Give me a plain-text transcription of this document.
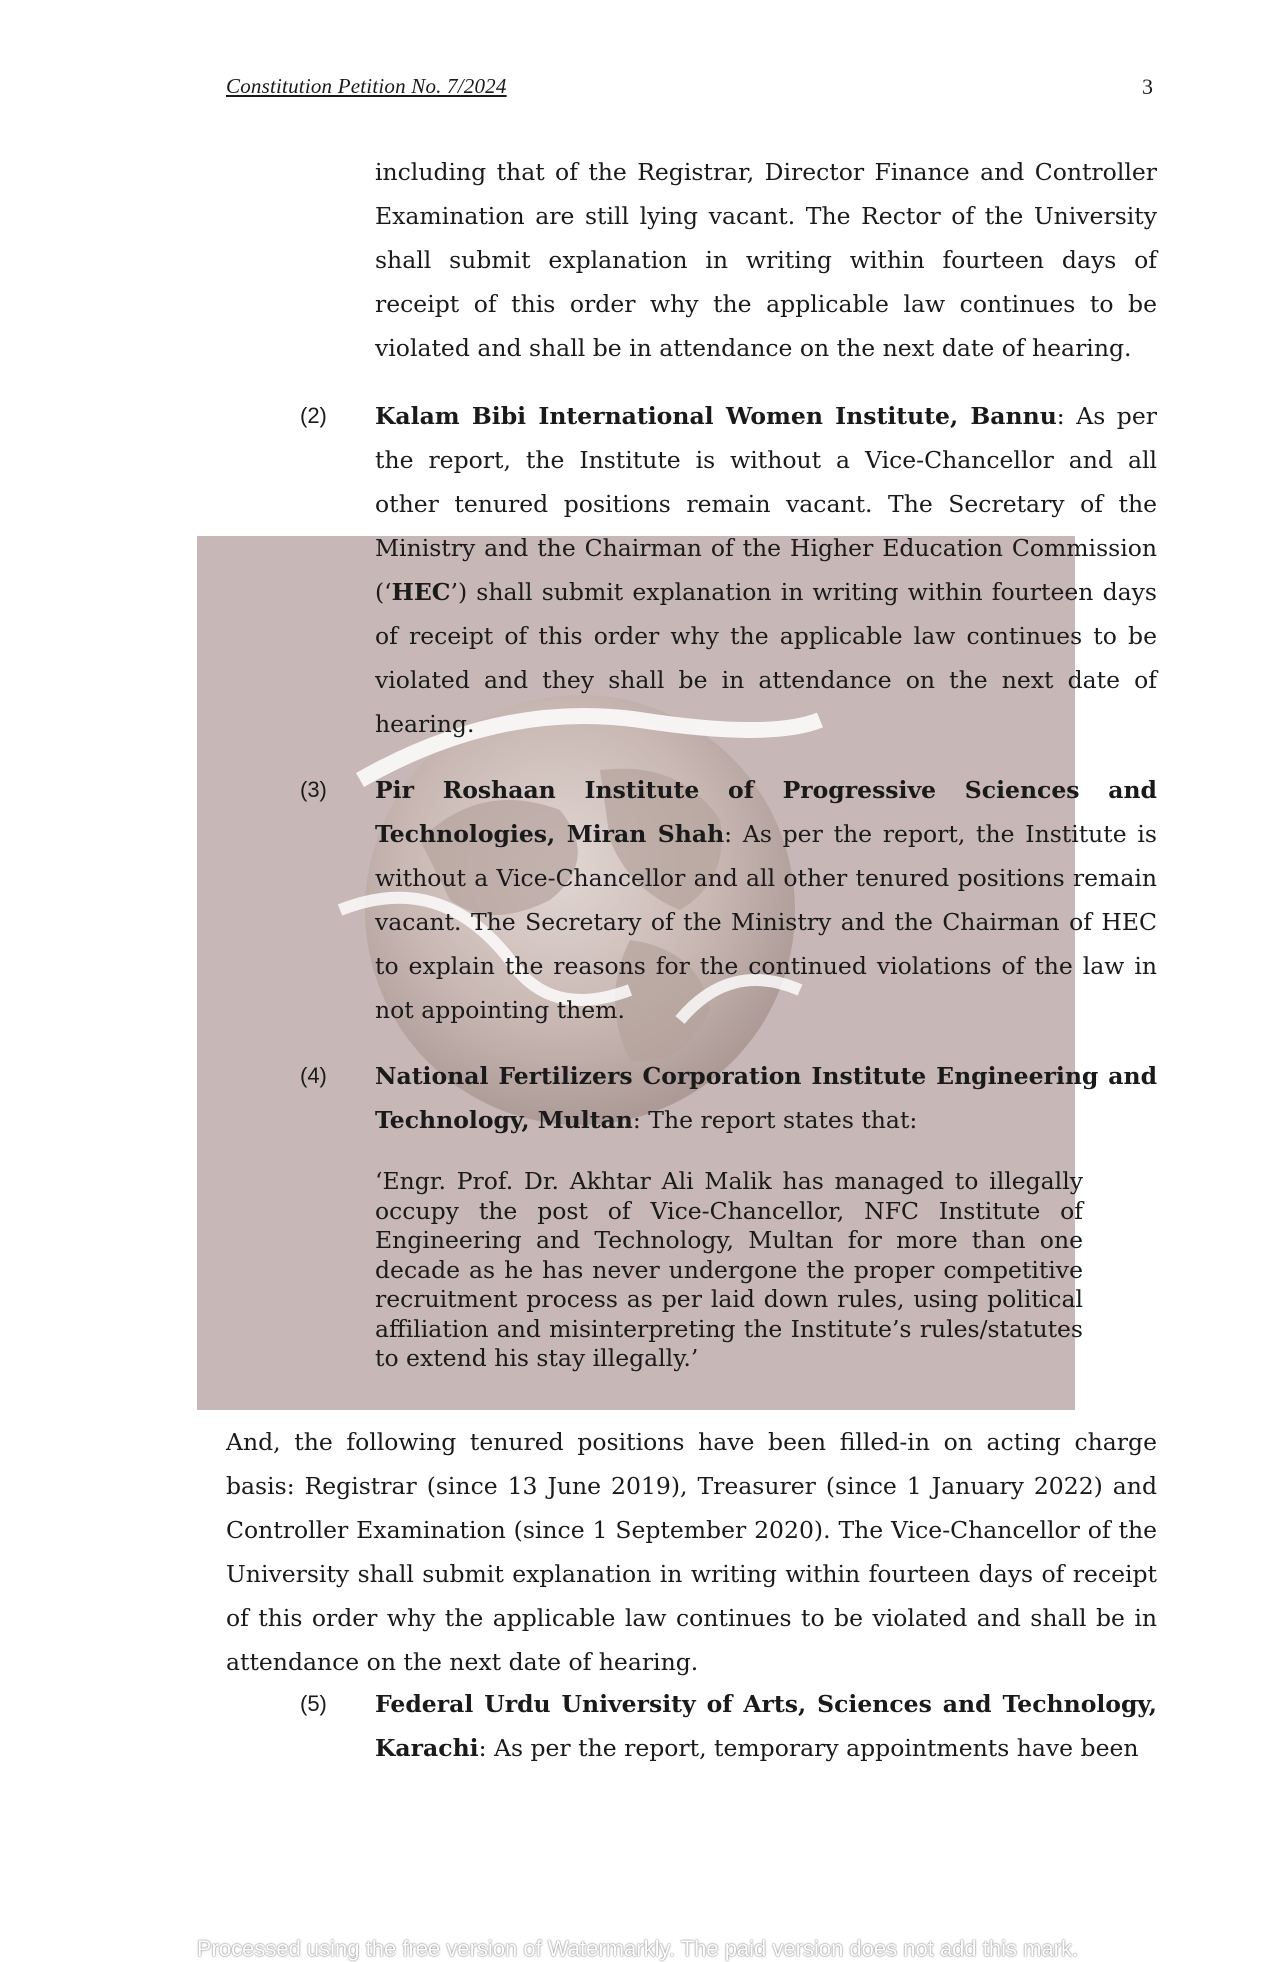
Constitution Petition No. 7/2024	3

including that of the Registrar, Director Finance and Controller Examination are still lying vacant. The Rector of the University shall submit explanation in writing within fourteen days of receipt of this order why the applicable law continues to be violated and shall be in attendance on the next date of hearing.

(2) Kalam Bibi International Women Institute, Bannu: As per the report, the Institute is without a Vice-Chancellor and all other tenured positions remain vacant. The Secretary of the Ministry and the Chairman of the Higher Education Commission (‘HEC’) shall submit explanation in writing within fourteen days of receipt of this order why the applicable law continues to be violated and they shall be in attendance on the next date of hearing.

(3) Pir Roshaan Institute of Progressive Sciences and Technologies, Miran Shah: As per the report, the Institute is without a Vice-Chancellor and all other tenured positions remain vacant. The Secretary of the Ministry and the Chairman of HEC to explain the reasons for the continued violations of the law in not appointing them.

(4) National Fertilizers Corporation Institute Engineering and Technology, Multan: The report states that:

‘Engr. Prof. Dr. Akhtar Ali Malik has managed to illegally occupy the post of Vice-Chancellor, NFC Institute of Engineering and Technology, Multan for more than one decade as he has never undergone the proper competitive recruitment process as per laid down rules, using political affiliation and misinterpreting the Institute’s rules/statutes to extend his stay illegally.’

And, the following tenured positions have been filled-in on acting charge basis: Registrar (since 13 June 2019), Treasurer (since 1 January 2022) and Controller Examination (since 1 September 2020). The Vice-Chancellor of the University shall submit explanation in writing within fourteen days of receipt of this order why the applicable law continues to be violated and shall be in attendance on the next date of hearing.

(5) Federal Urdu University of Arts, Sciences and Technology, Karachi: As per the report, temporary appointments have been

Processed using the free version of Watermarkly. The paid version does not add this mark.
